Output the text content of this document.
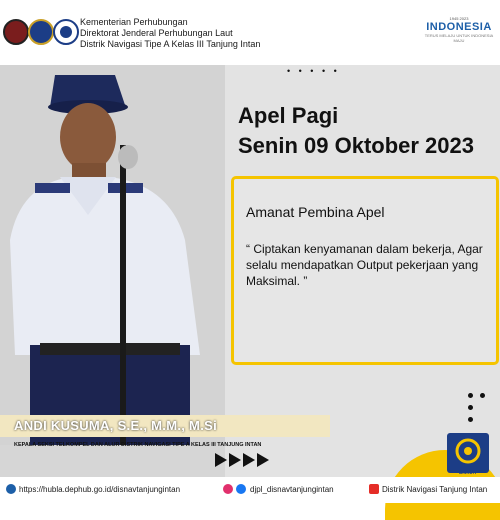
Kementerian Perhubungan
Direktorat Jenderal Perhubungan Laut
Distrik Navigasi Tipe A Kelas III Tanjung Intan
1945 2023
INDONESIA
TERUS MELAJU UNTUK INDONESIA MAJU
• • • • •
Apel Pagi
Senin 09 Oktober 2023
Amanat Pembina Apel
“ Ciptakan kenyamanan dalam bekerja, Agar selalu mendapatkan Output pekerjaan yang Maksimal. ”
ANDI KUSUMA, S.E., M.M., M.Si
KEPALA SEKSI TELKOMPEL DAN ALUR DISTRIK NAVIGASI TIPE A KELAS III TANJUNG INTAN
S.M.U.T
https://hubla.dephub.go.id/disnavtanjungintan	djpl_disnavtanjungintan	Distrik Navigasi Tanjung Intan
